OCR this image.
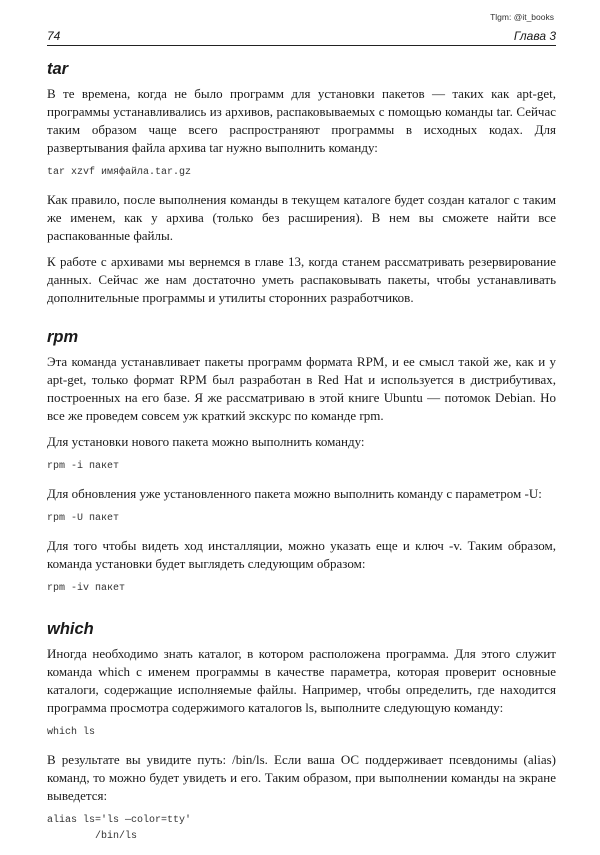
Tlgm: @it_books
74	Глава 3
tar

В те времена, когда не было программ для установки пакетов — таких как apt-get, программы устанавливались из архивов, распаковываемых с помощью команды tar. Сейчас таким образом чаще всего распространяют программы в исходных кодах. Для развертывания файла архива tar нужно выполнить команду:

tar xzvf имяфайла.tar.gz

Как правило, после выполнения команды в текущем каталоге будет создан каталог с таким же именем, как у архива (только без расширения). В нем вы сможете найти все распакованные файлы.

К работе с архивами мы вернемся в главе 13, когда станем рассматривать резервирование данных. Сейчас же нам достаточно уметь распаковывать пакеты, чтобы устанавливать дополнительные программы и утилиты сторонних разработчиков.

rpm

Эта команда устанавливает пакеты программ формата RPM, и ее смысл такой же, как и у apt-get, только формат RPM был разработан в Red Hat и используется в дистрибутивах, построенных на его базе. Я же рассматриваю в этой книге Ubuntu — потомок Debian. Но все же проведем совсем уж краткий экскурс по команде rpm.

Для установки нового пакета можно выполнить команду:

rpm -i пакет

Для обновления уже установленного пакета можно выполнить команду с параметром -U:

rpm -U пакет

Для того чтобы видеть ход инсталляции, можно указать еще и ключ -v. Таким образом, команда установки будет выглядеть следующим образом:

rpm -iv пакет
which

Иногда необходимо знать каталог, в котором расположена программа. Для этого служит команда which с именем программы в качестве параметра, которая проверит основные каталоги, содержащие исполняемые файлы. Например, чтобы определить, где находится программа просмотра содержимого каталогов ls, выполните следующую команду:

which ls

В результате вы увидите путь: /bin/ls. Если ваша ОС поддерживает псевдонимы (alias) команд, то можно будет увидеть и его. Таким образом, при выполнении команды на экране выведется:

alias ls='ls —color=tty'
/bin/ls
